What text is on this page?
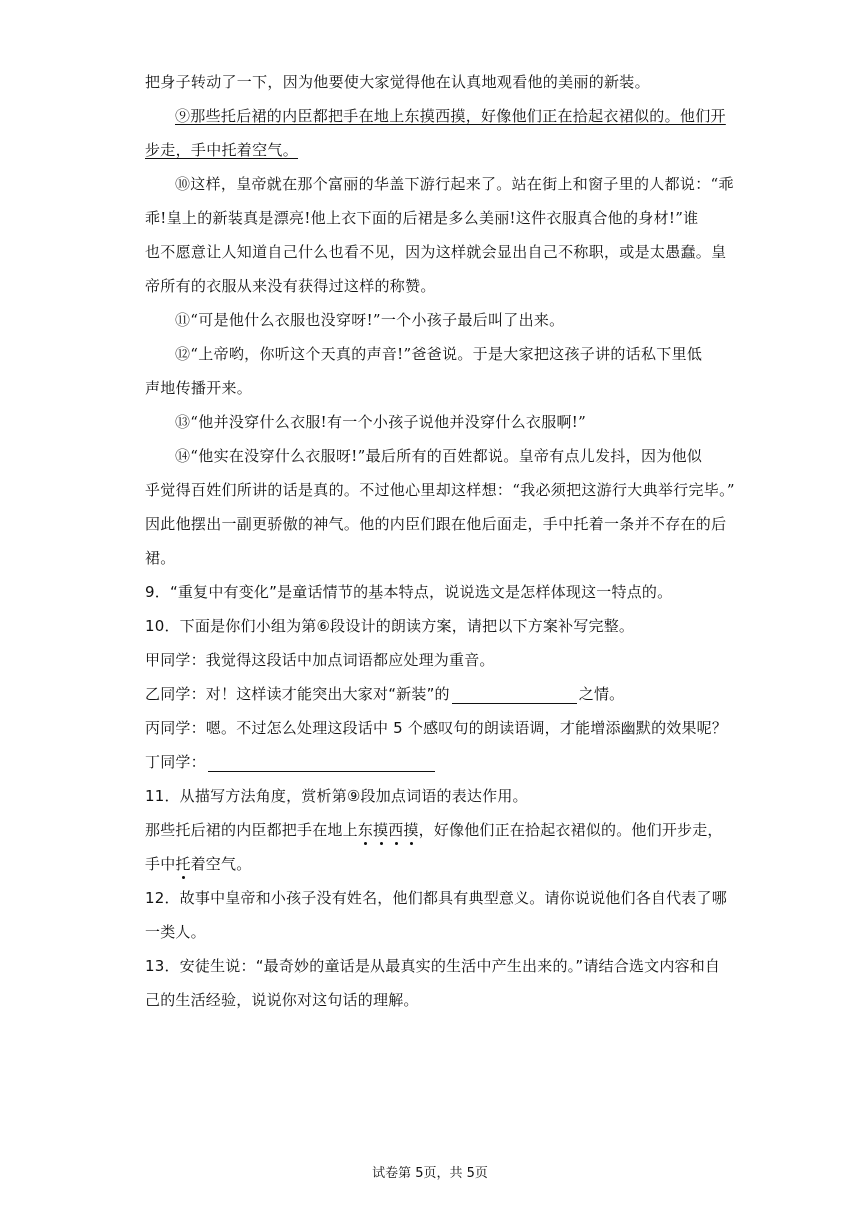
把身子转动了一下，因为他要使大家觉得他在认真地观看他的美丽的新装。
⑨那些托后裙的内臣都把手在地上东摸西摸，好像他们正在拾起衣裙似的。他们开
步走，手中托着空气。
⑩这样，皇帝就在那个富丽的华盖下游行起来了。站在街上和窗子里的人都说：“乖
乖!皇上的新装真是漂亮!他上衣下面的后裙是多么美丽!这件衣服真合他的身材!”谁
也不愿意让人知道自己什么也看不见，因为这样就会显出自己不称职，或是太愚蠢。皇
帝所有的衣服从来没有获得过这样的称赞。
⑪“可是他什么衣服也没穿呀!”一个小孩子最后叫了出来。
⑫“上帝哟，你听这个天真的声音!”爸爸说。于是大家把这孩子讲的话私下里低
声地传播开来。
⑬“他并没穿什么衣服!有一个小孩子说他并没穿什么衣服啊!”
⑭“他实在没穿什么衣服呀!”最后所有的百姓都说。皇帝有点儿发抖，因为他似
乎觉得百姓们所讲的话是真的。不过他心里却这样想：“我必须把这游行大典举行完毕。”
因此他摆出一副更骄傲的神气。他的内臣们跟在他后面走，手中托着一条并不存在的后
裙。
9．“重复中有变化”是童话情节的基本特点，说说选文是怎样体现这一特点的。
10．下面是你们小组为第⑥段设计的朗读方案，请把以下方案补写完整。
甲同学：我觉得这段话中加点词语都应处理为重音。
乙同学：对！这样读才能突出大家对“新装”的	之情。
丙同学：嗯。不过怎么处理这段话中 5 个感叹句的朗读语调，才能增添幽默的效果呢？
丁同学：
11．从描写方法角度，赏析第⑨段加点词语的表达作用。
那些托后裙的内臣都把手在地上东摸西摸，好像他们正在拾起衣裙似的。他们开步走，
手中托着空气。
12．故事中皇帝和小孩子没有姓名，他们都具有典型意义。请你说说他们各自代表了哪
一类人。
13．安徒生说：“最奇妙的童话是从最真实的生活中产生出来的。”请结合选文内容和自
己的生活经验，说说你对这句话的理解。
试卷第 5页，共 5页
